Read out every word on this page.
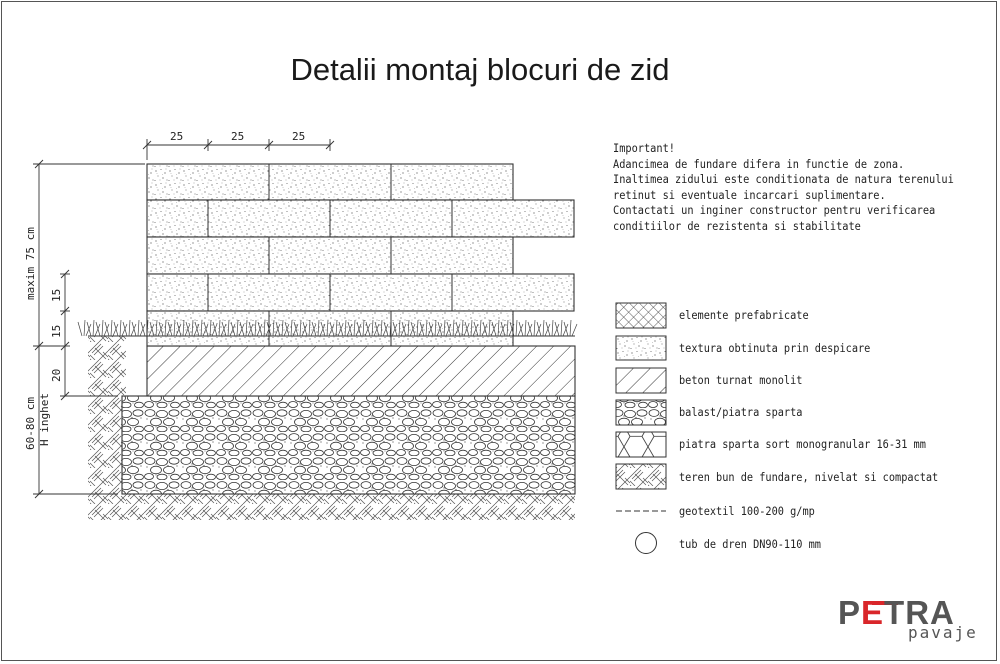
Detalii montaj blocuri de zid
25	25	25
maxim 75 cm 15
15
20
60-80 cm H inghet
Important!
Adancimea de fundare difera in functie de zona.
Inaltimea zidului este conditionata de natura terenului
retinut si eventuale incarcari suplimentare.
Contactati un inginer constructor pentru verificarea
conditiilor de rezistenta si stabilitate
elemente prefabricate
textura obtinuta prin despicare
beton turnat monolit
balast/piatra sparta
piatra sparta sort monogranular 16-31 mm
teren bun de fundare, nivelat si compactat
geotextil 100-200 g/mp
tub de dren DN90-110 mm
PETRA
pavaje
